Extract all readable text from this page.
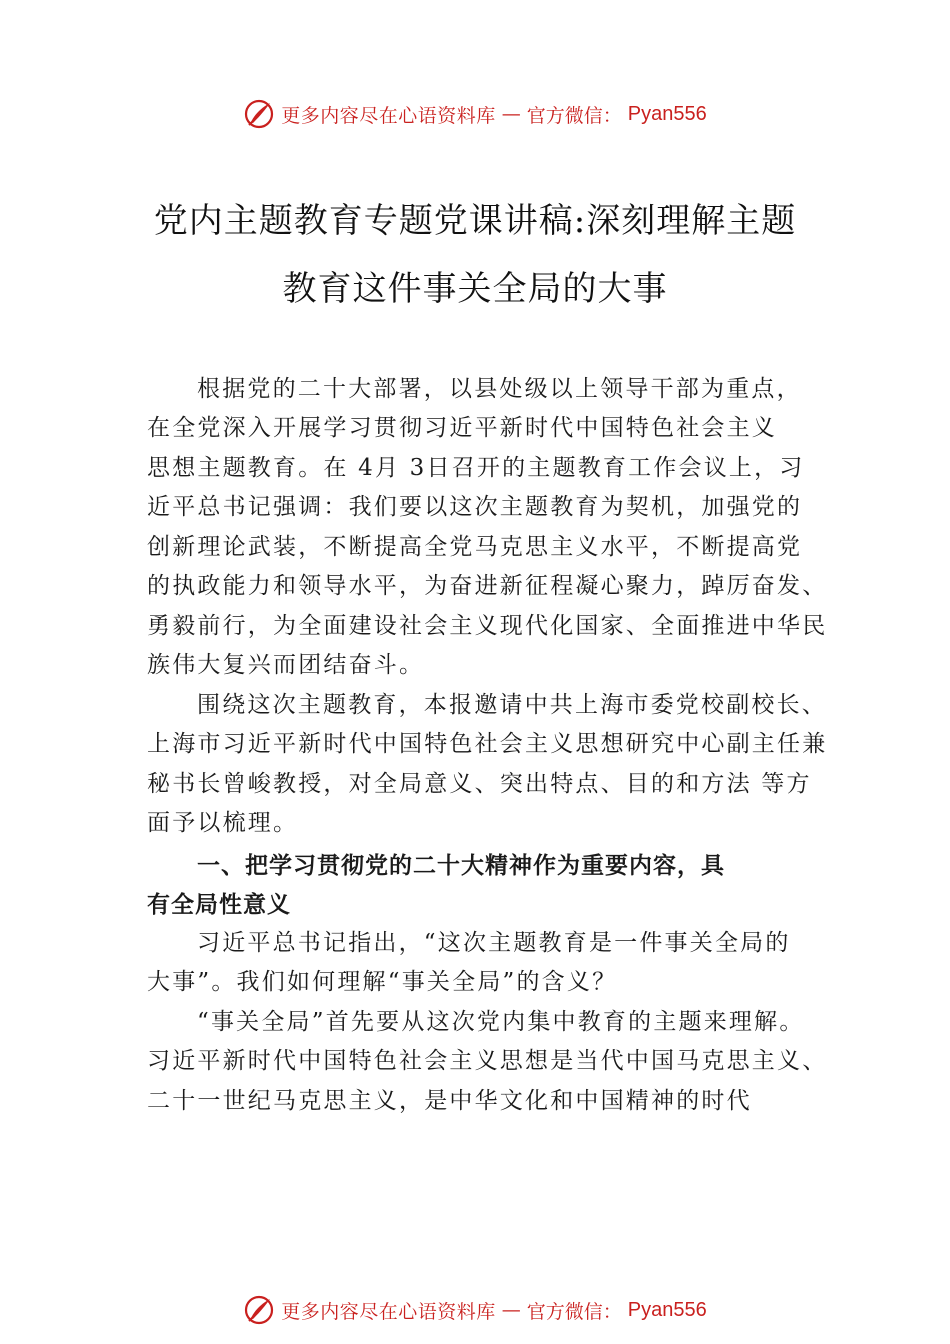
更多内容尽在心语资料库 — 官方微信： Pyan556
党内主题教育专题党课讲稿:深刻理解主题
教育这件事关全局的大事
根据党的二十大部署，以县处级以上领导干部为重点，
在全党深入开展学习贯彻习近平新时代中国特色社会主义
思想主题教育。在 4月 3日召开的主题教育工作会议上，习
近平总书记强调：我们要以这次主题教育为契机，加强党的
创新理论武装，不断提高全党马克思主义水平，不断提高党
的执政能力和领导水平，为奋进新征程凝心聚力，踔厉奋发、
勇毅前行，为全面建设社会主义现代化国家、全面推进中华民
族伟大复兴而团结奋斗。
围绕这次主题教育，本报邀请中共上海市委党校副校长、
上海市习近平新时代中国特色社会主义思想研究中心副主任兼
秘书长曾峻教授，对全局意义、突出特点、目的和方法 等方
面予以梳理。
一、把学习贯彻党的二十大精神作为重要内容，具
有全局性意义
习近平总书记指出，“这次主题教育是一件事关全局的
大事”。我们如何理解“事关全局”的含义？
“事关全局”首先要从这次党内集中教育的主题来理解。
习近平新时代中国特色社会主义思想是当代中国马克思主义、
二十一世纪马克思主义，是中华文化和中国精神的时代
更多内容尽在心语资料库 — 官方微信： Pyan556
